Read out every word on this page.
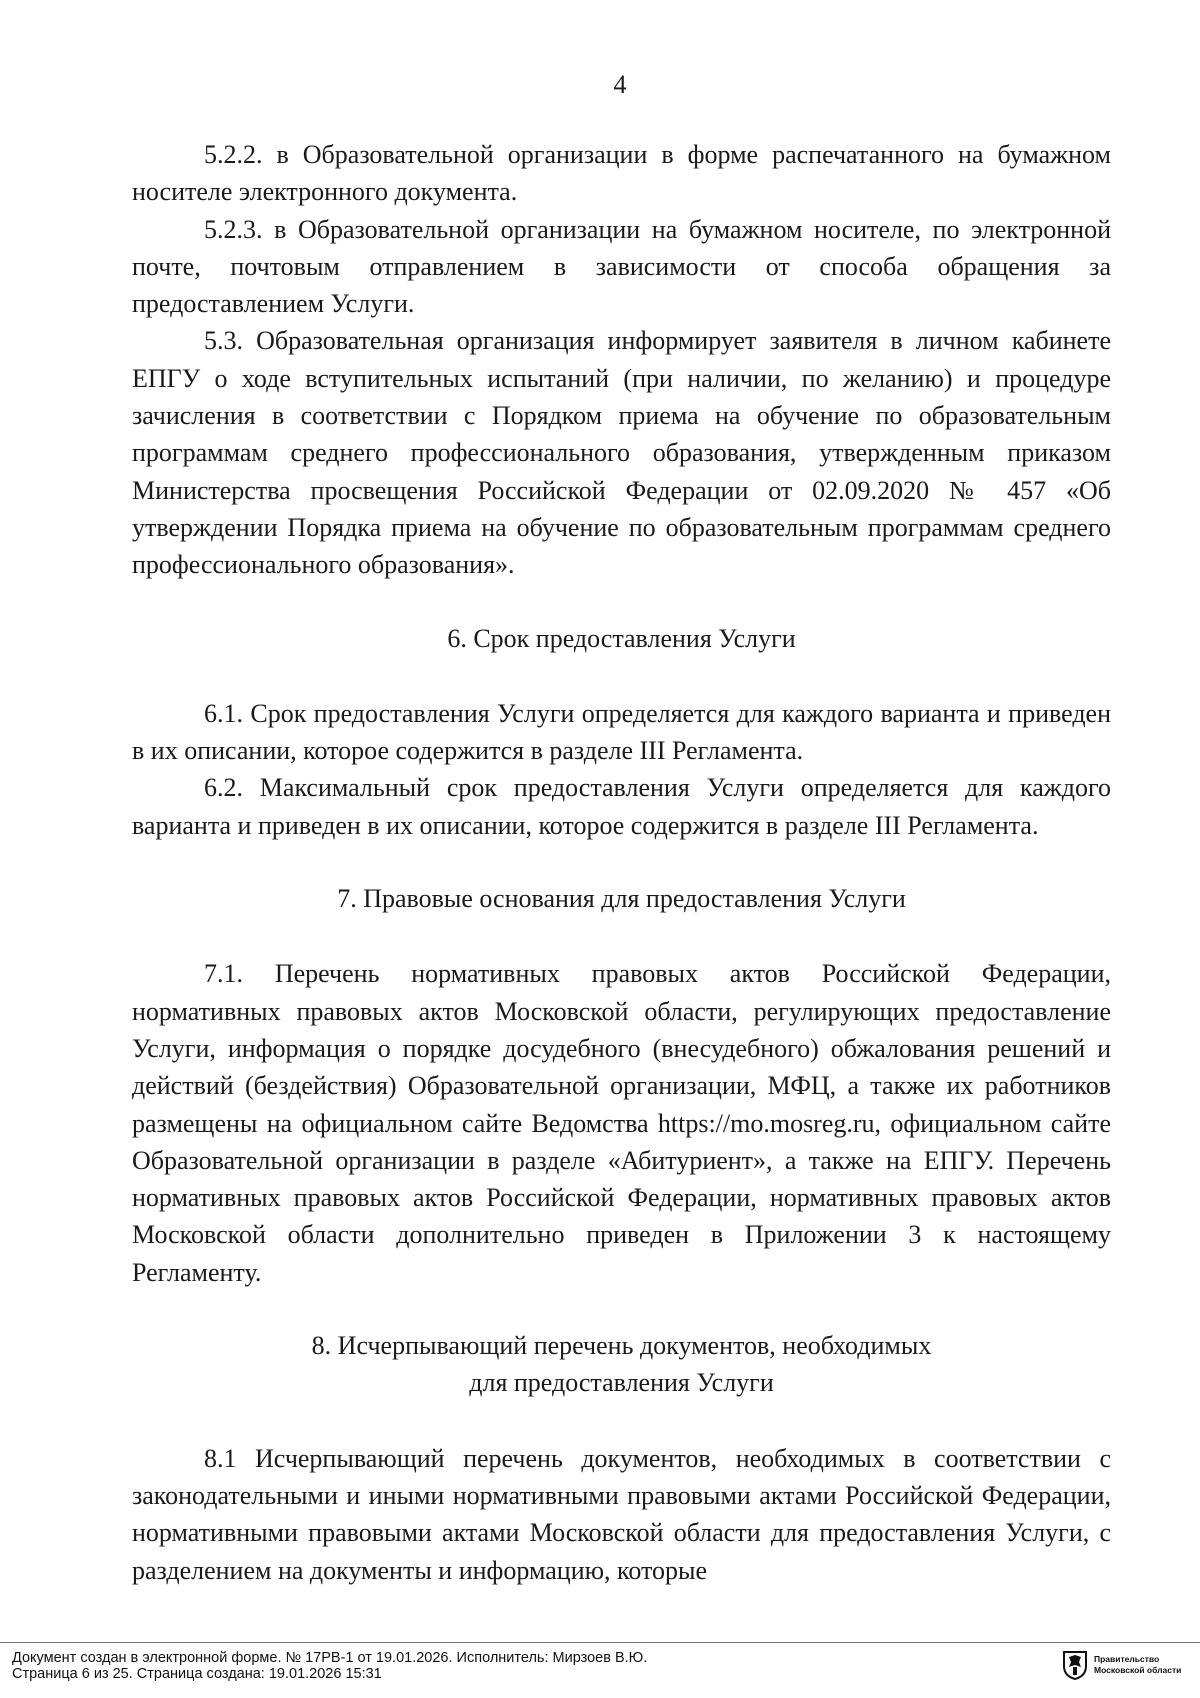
4

5.2.2. в Образовательной организации в форме распечатанного на бумажном носителе электронного документа.

5.2.3. в Образовательной организации на бумажном носителе, по электронной почте, почтовым отправлением в зависимости от способа обращения за предоставлением Услуги.

5.3. Образовательная организация информирует заявителя в личном кабинете ЕПГУ о ходе вступительных испытаний (при наличии, по желанию) и процедуре зачисления в соответствии с Порядком приема на обучение по образовательным программам среднего профессионального образования, утвержденным приказом Министерства просвещения Российской Федерации от 02.09.2020 № 457 «Об утверждении Порядка приема на обучение по образовательным программам среднего профессионального образования».

6. Срок предоставления Услуги

6.1. Срок предоставления Услуги определяется для каждого варианта и приведен в их описании, которое содержится в разделе III Регламента.

6.2. Максимальный срок предоставления Услуги определяется для каждого варианта и приведен в их описании, которое содержится в разделе III Регламента.

7. Правовые основания для предоставления Услуги

7.1. Перечень нормативных правовых актов Российской Федерации, нормативных правовых актов Московской области, регулирующих предоставление Услуги, информация о порядке досудебного (внесудебного) обжалования решений и действий (бездействия) Образовательной организации, МФЦ, а также их работников размещены на официальном сайте Ведомства https://mo.mosreg.ru, официальном сайте Образовательной организации в разделе «Абитуриент», а также на ЕПГУ. Перечень нормативных правовых актов Российской Федерации, нормативных правовых актов Московской области дополнительно приведен в Приложении 3 к настоящему Регламенту.

8. Исчерпывающий перечень документов, необходимых

для предоставления Услуги

8.1 Исчерпывающий перечень документов, необходимых в соответствии с законодательными и иными нормативными правовыми актами Российской Федерации, нормативными правовыми актами Московской области для предоставления Услуги, с разделением на документы и информацию, которые

Документ создан в электронной форме. № 17РВ-1 от 19.01.2026. Исполнитель: Мирзоев В.Ю.
Страница 6 из 25. Страница создана: 19.01.2026 15:31
Правительство
Московской области
